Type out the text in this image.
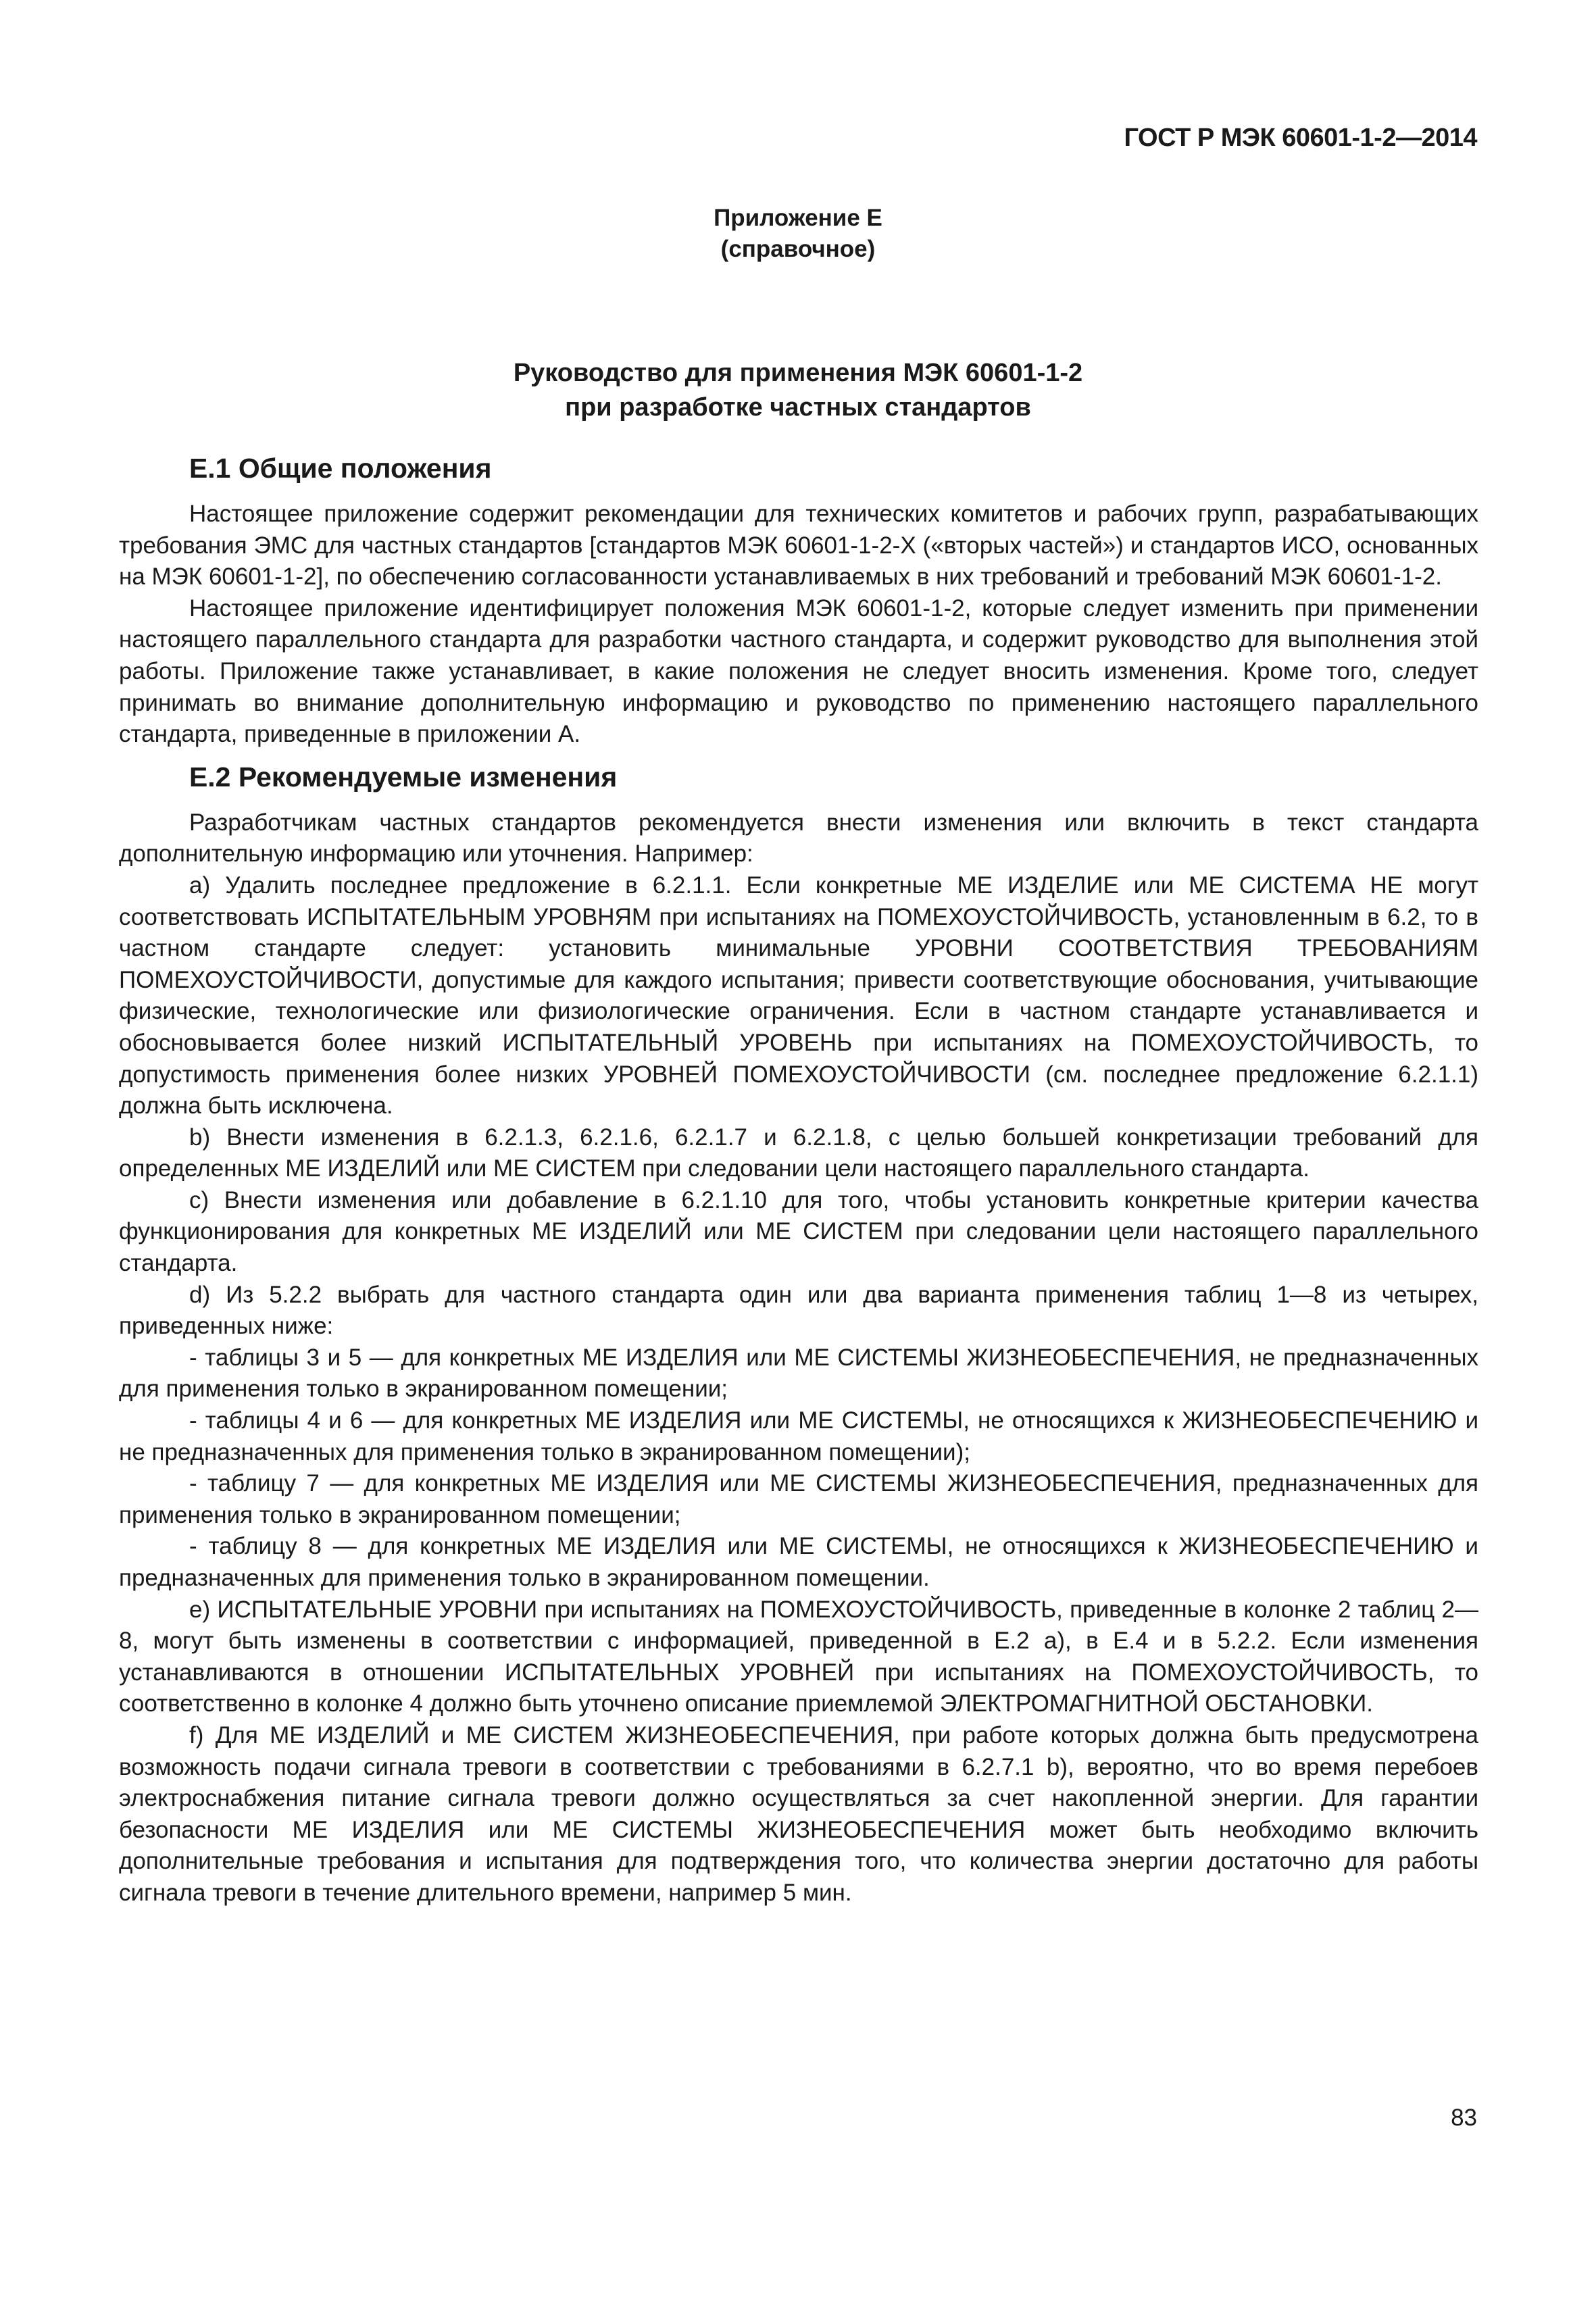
ГОСТ Р МЭК 60601-1-2—2014

Приложение Е
(справочное)
Руководство для применения МЭК 60601-1-2
при разработке частных стандартов
Е.1 Общие положения

Настоящее приложение содержит рекомендации для технических комитетов и рабочих групп, разрабатывающих требования ЭМС для частных стандартов [стандартов МЭК 60601-1-2-Х («вторых частей») и стандартов ИСО, основанных на МЭК 60601-1-2], по обеспечению согласованности устанавливаемых в них требований и требований МЭК 60601-1-2.

Настоящее приложение идентифицирует положения МЭК 60601-1-2, которые следует изменить при применении настоящего параллельного стандарта для разработки частного стандарта, и содержит руководство для выполнения этой работы. Приложение также устанавливает, в какие положения не следует вносить изменения. Кроме того, следует принимать во внимание дополнительную информацию и руководство по применению настоящего параллельного стандарта, приведенные в приложении А.

Е.2 Рекомендуемые изменения

Разработчикам частных стандартов рекомендуется внести изменения или включить в текст стандарта дополнительную информацию или уточнения. Например:

a) Удалить последнее предложение в 6.2.1.1. Если конкретные МЕ ИЗДЕЛИЕ или МЕ СИСТЕМА НЕ могут соответствовать ИСПЫТАТЕЛЬНЫМ УРОВНЯМ при испытаниях на ПОМЕХОУСТОЙЧИВОСТЬ, установленным в 6.2, то в частном стандарте следует: установить минимальные УРОВНИ СООТВЕТСТВИЯ ТРЕБОВАНИЯМ ПОМЕХОУСТОЙЧИВОСТИ, допустимые для каждого испытания; привести соответствующие обоснования, учитывающие физические, технологические или физиологические ограничения. Если в частном стандарте устанавливается и обосновывается более низкий ИСПЫТАТЕЛЬНЫЙ УРОВЕНЬ при испытаниях на ПОМЕХОУСТОЙЧИВОСТЬ, то допустимость применения более низких УРОВНЕЙ ПОМЕХОУСТОЙЧИВОСТИ (см. последнее предложение 6.2.1.1) должна быть исключена.

b) Внести изменения в 6.2.1.3, 6.2.1.6, 6.2.1.7 и 6.2.1.8, с целью большей конкретизации требований для определенных МЕ ИЗДЕЛИЙ или МЕ СИСТЕМ при следовании цели настоящего параллельного стандарта.

c) Внести изменения или добавление в 6.2.1.10 для того, чтобы установить конкретные критерии качества функционирования для конкретных МЕ ИЗДЕЛИЙ или МЕ СИСТЕМ при следовании цели настоящего параллельного стандарта.

d) Из 5.2.2 выбрать для частного стандарта один или два варианта применения таблиц 1—8 из четырех, приведенных ниже:

- таблицы 3 и 5 — для конкретных МЕ ИЗДЕЛИЯ или МЕ СИСТЕМЫ ЖИЗНЕОБЕСПЕЧЕНИЯ, не предназначенных для применения только в экранированном помещении;

- таблицы 4 и 6 — для конкретных МЕ ИЗДЕЛИЯ или МЕ СИСТЕМЫ, не относящихся к ЖИЗНЕОБЕСПЕЧЕНИЮ и не предназначенных для применения только в экранированном помещении);

- таблицу 7 — для конкретных МЕ ИЗДЕЛИЯ или МЕ СИСТЕМЫ ЖИЗНЕОБЕСПЕЧЕНИЯ, предназначенных для применения только в экранированном помещении;

- таблицу 8 — для конкретных МЕ ИЗДЕЛИЯ или МЕ СИСТЕМЫ, не относящихся к ЖИЗНЕОБЕСПЕЧЕНИЮ и предназначенных для применения только в экранированном помещении.

e) ИСПЫТАТЕЛЬНЫЕ УРОВНИ при испытаниях на ПОМЕХОУСТОЙЧИВОСТЬ, приведенные в колонке 2 таблиц 2—8, могут быть изменены в соответствии с информацией, приведенной в Е.2 а), в Е.4 и в 5.2.2. Если изменения устанавливаются в отношении ИСПЫТАТЕЛЬНЫХ УРОВНЕЙ при испытаниях на ПОМЕХОУСТОЙЧИВОСТЬ, то соответственно в колонке 4 должно быть уточнено описание приемлемой ЭЛЕКТРОМАГНИТНОЙ ОБСТАНОВКИ.

f) Для МЕ ИЗДЕЛИЙ и МЕ СИСТЕМ ЖИЗНЕОБЕСПЕЧЕНИЯ, при работе которых должна быть предусмотрена возможность подачи сигнала тревоги в соответствии с требованиями в 6.2.7.1 b), вероятно, что во время перебоев электроснабжения питание сигнала тревоги должно осуществляться за счет накопленной энергии. Для гарантии безопасности МЕ ИЗДЕЛИЯ или МЕ СИСТЕМЫ ЖИЗНЕОБЕСПЕЧЕНИЯ может быть необходимо включить дополнительные требования и испытания для подтверждения того, что количества энергии достаточно для работы сигнала тревоги в течение длительного времени, например 5 мин.

83
